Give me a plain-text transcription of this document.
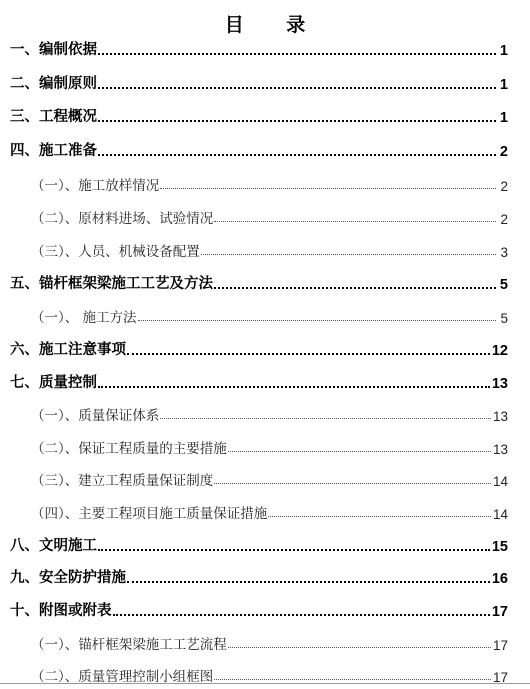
目 录
一、编制依据	1
二、编制原则	1
三、工程概况	1
四、施工准备	2
（一）、施工放样情况	2
（二）、原材料进场、试验情况	2
（三）、人员、机械设备配置	3
五、锚杆框架梁施工工艺及方法	5
（一）、 施工方法	5
六、施工注意事项	12
七、质量控制	13
（一）、质量保证体系	13
（二）、保证工程质量的主要措施	13
（三）、建立工程质量保证制度	14
（四）、主要工程项目施工质量保证措施	14
八、文明施工	15
九、安全防护措施	16
十、附图或附表	17
（一）、锚杆框架梁施工工艺流程	17
（二）、质量管理控制小组框图	17
